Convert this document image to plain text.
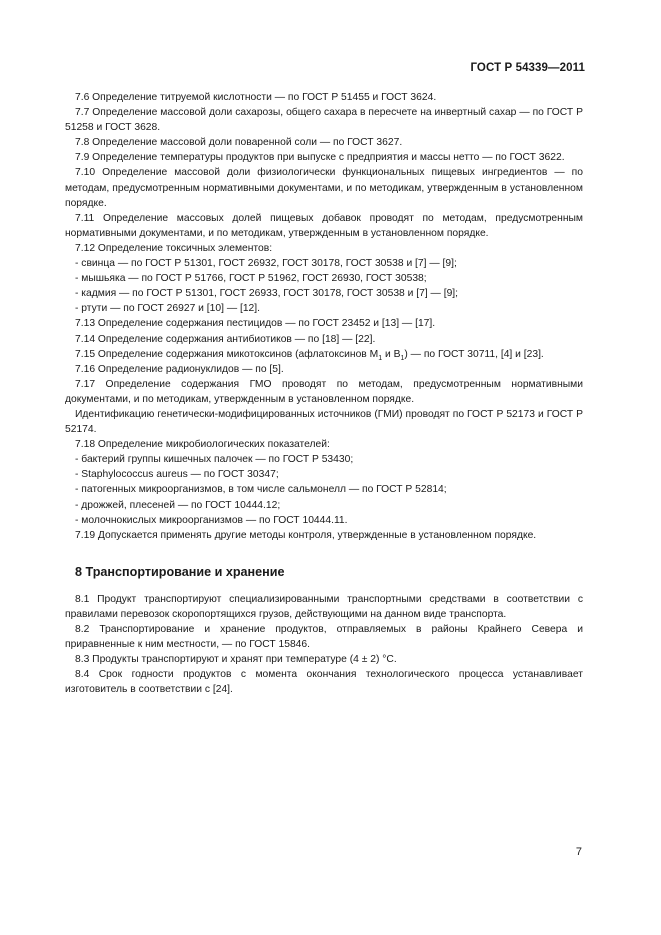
ГОСТ Р 54339—2011

7.6 Определение титруемой кислотности — по ГОСТ Р 51455 и ГОСТ 3624.

7.7 Определение массовой доли сахарозы, общего сахара в пересчете на инвертный сахар — по ГОСТ Р 51258 и ГОСТ 3628.

7.8 Определение массовой доли поваренной соли — по ГОСТ 3627.

7.9 Определение температуры продуктов при выпуске с предприятия и массы нетто — по ГОСТ 3622.

7.10 Определение массовой доли физиологически функциональных пищевых ингредиентов — по методам, предусмотренным нормативными документами, и по методикам, утвержденным в установленном порядке.

7.11 Определение массовых долей пищевых добавок проводят по методам, предусмотренным нормативными документами, и по методикам, утвержденным в установленном порядке.

7.12 Определение токсичных элементов:

- свинца — по ГОСТ Р 51301, ГОСТ 26932, ГОСТ 30178, ГОСТ 30538 и [7] — [9];

- мышьяка — по ГОСТ Р 51766, ГОСТ Р 51962, ГОСТ 26930, ГОСТ 30538;

- кадмия — по ГОСТ Р 51301, ГОСТ 26933, ГОСТ 30178, ГОСТ 30538 и [7] — [9];

- ртути — по ГОСТ 26927 и [10] — [12].

7.13 Определение содержания пестицидов — по ГОСТ 23452 и [13] — [17].

7.14 Определение содержания антибиотиков — по [18] — [22].

7.15 Определение содержания микотоксинов (афлатоксинов $М_1$ и $В_1$) — по ГОСТ 30711, [4] и [23].

7.16 Определение радионуклидов — по [5].

7.17 Определение содержания ГМО проводят по методам, предусмотренным нормативными документами, и по методикам, утвержденным в установленном порядке.

Идентификацию генетически-модифицированных источников (ГМИ) проводят по ГОСТ Р 52173 и ГОСТ Р 52174.

7.18 Определение микробиологических показателей:

- бактерий группы кишечных палочек — по ГОСТ Р 53430;

- Staphylococcus aureus — по ГОСТ 30347;

- патогенных микроорганизмов, в том числе сальмонелл — по ГОСТ Р 52814;

- дрожжей, плесеней — по ГОСТ 10444.12;

- молочнокислых микроорганизмов — по ГОСТ 10444.11.

7.19 Допускается применять другие методы контроля, утвержденные в установленном порядке.

8 Транспортирование и хранение

8.1 Продукт транспортируют специализированными транспортными средствами в соответствии с правилами перевозок скоропортящихся грузов, действующими на данном виде транспорта.

8.2 Транспортирование и хранение продуктов, отправляемых в районы Крайнего Севера и приравненные к ним местности, — по ГОСТ 15846.

8.3 Продукты транспортируют и хранят при температуре (4 ± 2) °С.

8.4 Срок годности продуктов с момента окончания технологического процесса устанавливает изготовитель в соответствии с [24].

7
